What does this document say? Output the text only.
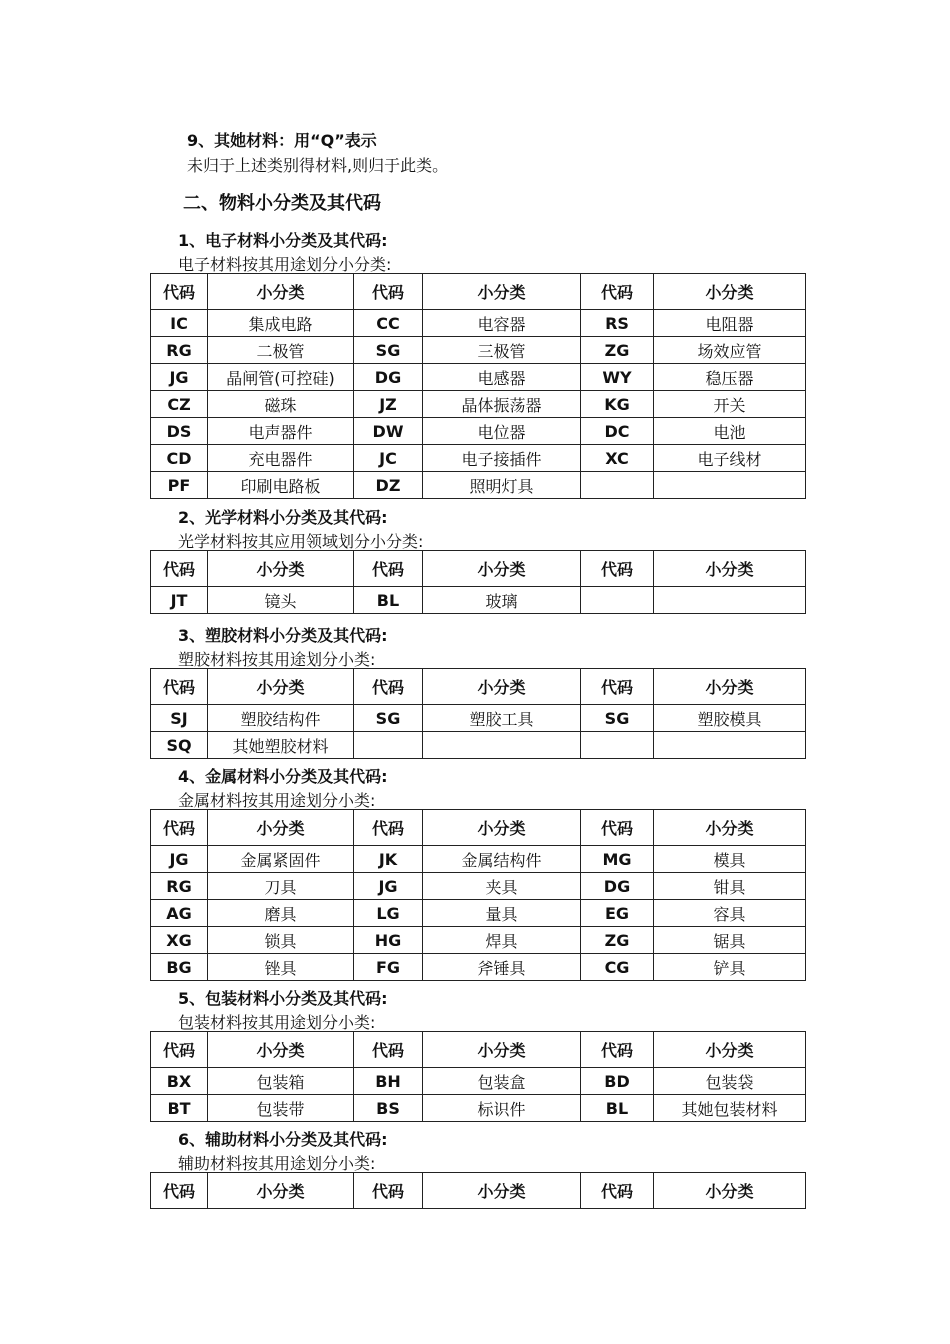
9、其她材料：用“Q”表示
未归于上述类别得材料,则归于此类。
二、物料小分类及其代码
1、电子材料小分类及其代码:
电子材料按其用途划分小分类:
代码	小分类	代码	小分类	代码	小分类
IC	集成电路	CC	电容器	RS	电阻器
RG	二极管	SG	三极管	ZG	场效应管
JG	晶闸管(可控硅)	DG	电感器	WY	稳压器
CZ	磁珠	JZ	晶体振荡器	KG	开关
DS	电声器件	DW	电位器	DC	电池
CD	充电器件	JC	电子接插件	XC	电子线材
PF	印刷电路板	DZ	照明灯具		
2、光学材料小分类及其代码:
光学材料按其应用领域划分小分类:
代码	小分类	代码	小分类	代码	小分类
JT	镜头	BL	玻璃		
3、塑胶材料小分类及其代码:
塑胶材料按其用途划分小类:
代码	小分类	代码	小分类	代码	小分类
SJ	塑胶结构件	SG	塑胶工具	SG	塑胶模具
SQ	其她塑胶材料				
4、金属材料小分类及其代码:
金属材料按其用途划分小类:
代码	小分类	代码	小分类	代码	小分类
JG	金属紧固件	JK	金属结构件	MG	模具
RG	刀具	JG	夹具	DG	钳具
AG	磨具	LG	量具	EG	容具
XG	锁具	HG	焊具	ZG	锯具
BG	锉具	FG	斧锤具	CG	铲具
5、包装材料小分类及其代码:
包装材料按其用途划分小类:
代码	小分类	代码	小分类	代码	小分类
BX	包装箱	BH	包装盒	BD	包装袋
BT	包装带	BS	标识件	BL	其她包装材料
6、辅助材料小分类及其代码:
辅助材料按其用途划分小类:
代码	小分类	代码	小分类	代码	小分类
